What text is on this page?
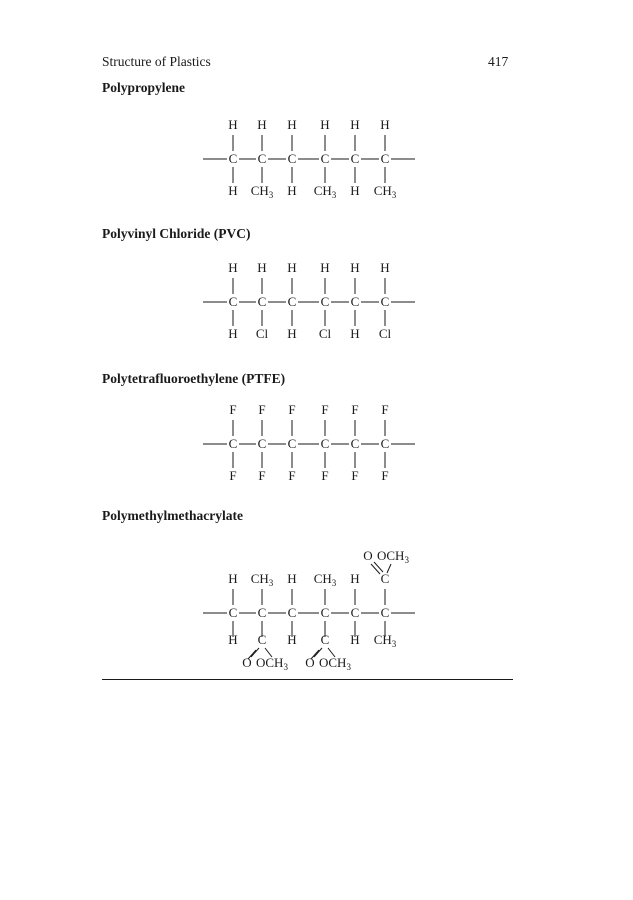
Structure of Plastics	417
Polypropylene
C
H
H
C
H
$CH_3$
C
H
H
C
H
$CH_3$
C
H
H
C
H
$CH_3$
Polyvinyl Chloride (PVC)
C
H
H
C
H
Cl
C
H
H
C
H
Cl
C
H
H
C
H
Cl
Polytetrafluoroethylene (PTFE)
C
F
F
C
F
F
C
F
F
C
F
F
C
F
F
C
F
F
Polymethylmethacrylate
C
H
H
C
$CH_3$
C
H
H
C
$CH_3$
C
H
H
C
$CH_3$
C
O $OCH_3$
C
O $OCH_3$
C
O $OCH_3$
